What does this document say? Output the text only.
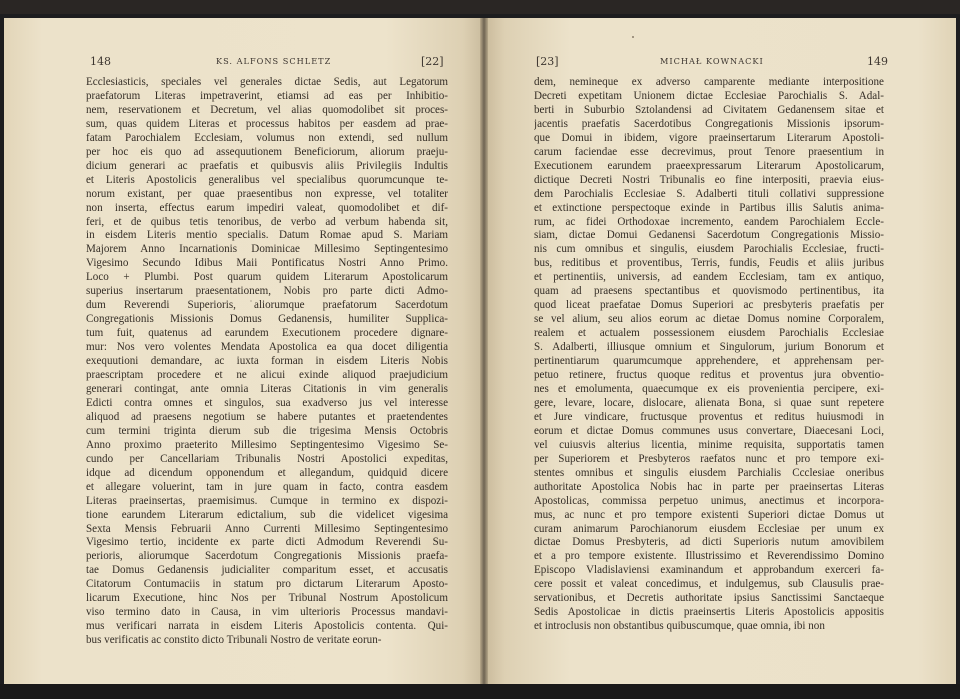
148	KS. ALFONS SCHLETZ	[22]	[23]	MICHAŁ KOWNACKI	149
Ecclesiasticis, speciales vel generales dictae Sedis, aut Legatorum
praefatorum Literas impetraverint, etiamsi ad eas per Inhibitio-
nem, reservationem et Decretum, vel alias quomodolibet sit proces-
sum, quas quidem Literas et processus habitos per easdem ad prae-
fatam Parochialem Ecclesiam, volumus non extendi, sed nullum
per hoc eis quo ad assequutionem Beneficiorum, aliorum praeju-
dicium generari ac praefatis et quibusvis aliis Privilegiis Indultis
et Literis Apostolicis generalibus vel specialibus quorumcunque te-
norum existant, per quae praesentibus non expresse, vel totaliter
non inserta, effectus earum impediri valeat, quomodolibet et dif-
feri, et de quibus tetis tenoribus, de verbo ad verbum habenda sit,
in eisdem Literis mentio specialis. Datum Romae apud S. Mariam
Majorem Anno Incarnationis Dominicae Millesimo Septingentesimo
Vigesimo Secundo Idibus Maii Pontificatus Nostri Anno Primo.
Loco + Plumbi. Post quarum quidem Literarum Apostolicarum
superius insertarum praesentationem, Nobis pro parte dicti Admo-
dum Reverendi Superioris, aliorumque praefatorum Sacerdotum
Congregationis Missionis Domus Gedanensis, humiliter Supplica-
tum fuit, quatenus ad earundem Executionem procedere dignare-
mur: Nos vero volentes Mendata Apostolica ea qua docet diligentia
exequutioni demandare, ac iuxta forman in eisdem Literis Nobis
praescriptam procedere et ne alicui exinde aliquod praejudicium
generari contingat, ante omnia Literas Citationis in vim generalis
Edicti contra omnes et singulos, sua exadverso jus vel interesse
aliquod ad praesens negotium se habere putantes et praetendentes
cum termini triginta dierum sub die trigesima Mensis Octobris
Anno proximo praeterito Millesimo Septingentesimo Vigesimo Se-
cundo per Cancellariam Tribunalis Nostri Apostolici expeditas,
idque ad dicendum opponendum et allegandum, quidquid dicere
et allegare voluerint, tam in jure quam in facto, contra easdem
Literas praeinsertas, praemisimus. Cumque in termino ex dispozi-
tione earundem Literarum edictalium, sub die videlicet vigesima
Sexta Mensis Februarii Anno Currenti Millesimo Septingentesimo
Vigesimo tertio, incidente ex parte dicti Admodum Reverendi Su-
perioris, aliorumque Sacerdotum Congregationis Missionis praefa-
tae Domus Gedanensis judicialiter comparitum esset, et accusatis
Citatorum Contumaciis in statum pro dictarum Literarum Aposto-
licarum Executione, hinc Nos per Tribunal Nostrum Apostolicum
viso termino dato in Causa, in vim ulterioris Processus mandavi-
mus verificari narrata in eisdem Literis Apostolicis contenta. Qui-
bus verificatis ac constito dicto Tribunali Nostro de veritate eorun-
dem, nemineque ex adverso camparente mediante interpositione
Decreti expetitam Unionem dictae Ecclesiae Parochialis S. Adal-
berti in Suburbio Sztolandensi ad Civitatem Gedanensem sitae et
jacentis praefatis Sacerdotibus Congregationis Missionis ipsorum-
que Domui in ibidem, vigore praeinsertarum Literarum Apostoli-
carum faciendae esse decrevimus, prout Tenore praesentium in
Executionem earundem praeexpressarum Literarum Apostolicarum,
dictique Decreti Nostri Tribunalis eo fine interpositi, praevia eius-
dem Parochialis Ecclesiae S. Adalberti tituli collativi suppressione
et extinctione perspectoque exinde in Partibus illis Salutis anima-
rum, ac fidei Orthodoxae incremento, eandem Parochialem Eccle-
siam, dictae Domui Gedanensi Sacerdotum Congregationis Missio-
nis cum omnibus et singulis, eiusdem Parochialis Ecclesiae, fructi-
bus, reditibus et proventibus, Terris, fundis, Feudis et aliis juribus
et pertinentiis, universis, ad eandem Ecclesiam, tam ex antiquo,
quam ad praesens spectantibus et quovismodo pertinentibus, ita
quod liceat praefatae Domus Superiori ac presbyteris praefatis per
se vel alium, seu alios eorum ac dietae Domus nomine Corporalem,
realem et actualem possessionem eiusdem Parochialis Ecclesiae
S. Adalberti, illiusque omnium et Singulorum, jurium Bonorum et
pertinentiarum quarumcumque apprehendere, et apprehensam per-
petuo retinere, fructus quoque reditus et proventus jura obventio-
nes et emolumenta, quaecumque ex eis provenientia percipere, exi-
gere, levare, locare, dislocare, alienata Bona, si quae sunt repetere
et Jure vindicare, fructusque proventus et reditus huiusmodi in
eorum et dictae Domus communes usus convertare, Diaecesani Loci,
vel cuiusvis alterius licentia, minime requisita, supportatis tamen
per Superiorem et Presbyteros raefatos nunc et pro tempore exi-
stentes omnibus et singulis eiusdem Parchialis Ccclesiae oneribus
authoritate Apostolica Nobis hac in parte per praeinsertas Literas
Apostolicas, commissa perpetuo unimus, anectimus et incorpora-
mus, ac nunc et pro tempore existenti Superiori dictae Domus ut
curam animarum Parochianorum eiusdem Ecclesiae per unum ex
dictae Domus Presbyteris, ad dicti Superioris nutum amovibilem
et a pro tempore existente. Illustrissimo et Reverendissimo Domino
Episcopo Vladislaviensi examinandum et approbandum exerceri fa-
cere possit et valeat concedimus, et indulgemus, sub Clausulis prae-
servationibus, et Decretis authoritate ipsius Sanctissimi Sanctaeque
Sedis Apostolicae in dictis praeinsertis Literis Apostolicis appositis
et introclusis non obstantibus quibuscumque, quae omnia, ibi non
